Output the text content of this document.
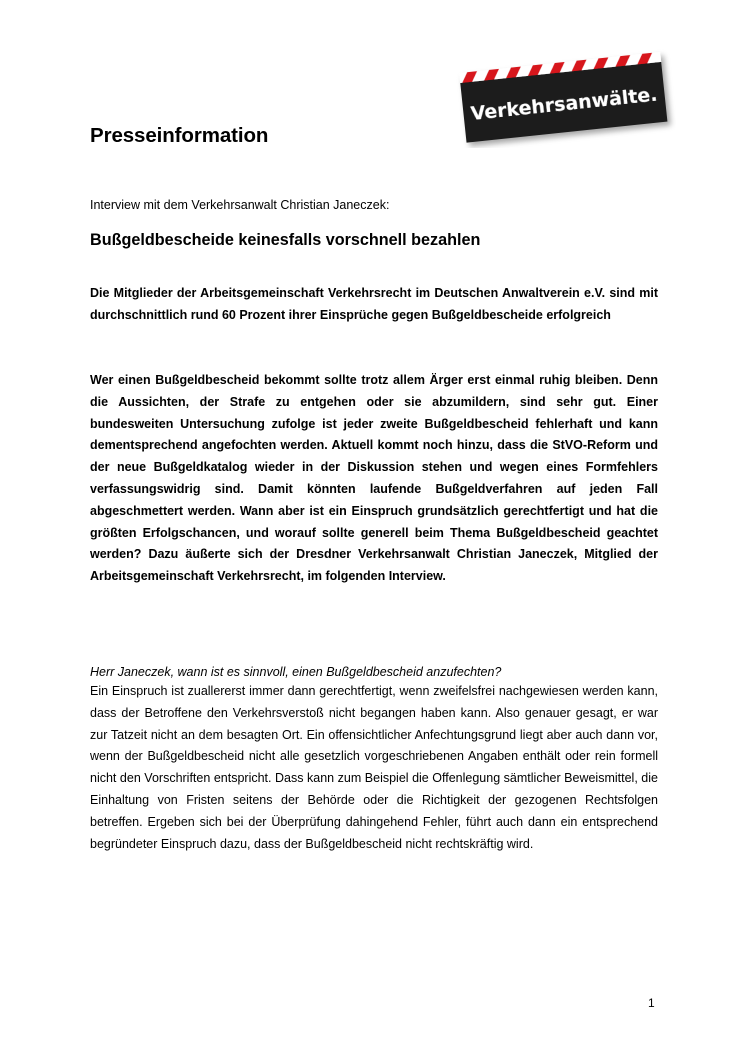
Verkehrsanwälte.
Presseinformation

Interview mit dem Verkehrsanwalt Christian Janeczek:

Bußgeldbescheide keinesfalls vorschnell bezahlen

Die Mitglieder der Arbeitsgemeinschaft Verkehrsrecht im Deutschen Anwaltverein e.V. sind mit durchschnittlich rund 60 Prozent ihrer Einsprüche gegen Bußgeldbescheide erfolgreich

Wer einen Bußgeldbescheid bekommt sollte trotz allem Ärger erst einmal ruhig bleiben. Denn die Aussichten, der Strafe zu entgehen oder sie abzumildern, sind sehr gut. Einer bundesweiten Untersuchung zufolge ist jeder zweite Bußgeldbescheid fehlerhaft und kann dementsprechend angefochten werden. Aktuell kommt noch hinzu, dass die StVO-Reform und der neue Bußgeldkatalog wieder in der Diskussion stehen und wegen eines Formfehlers verfassungswidrig sind. Damit könnten laufende Bußgeldverfahren auf jeden Fall abgeschmettert werden. Wann aber ist ein Einspruch grundsätzlich gerechtfertigt und hat die größten Erfolgschancen, und worauf sollte generell beim Thema Bußgeldbescheid geachtet werden? Dazu äußerte sich der Dresdner Verkehrsanwalt Christian Janeczek, Mitglied der Arbeitsgemeinschaft Verkehrsrecht, im folgenden Interview.

Herr Janeczek, wann ist es sinnvoll, einen Bußgeldbescheid anzufechten?

Ein Einspruch ist zuallererst immer dann gerechtfertigt, wenn zweifelsfrei nachgewiesen werden kann, dass der Betroffene den Verkehrsverstoß nicht begangen haben kann. Also genauer gesagt, er war zur Tatzeit nicht an dem besagten Ort. Ein offensichtlicher Anfechtungsgrund liegt aber auch dann vor, wenn der Bußgeldbescheid nicht alle gesetzlich vorgeschriebenen Angaben enthält oder rein formell nicht den Vorschriften entspricht. Dass kann zum Beispiel die Offenlegung sämtlicher Beweismittel, die Einhaltung von Fristen seitens der Behörde oder die Richtigkeit der gezogenen Rechtsfolgen betreffen. Ergeben sich bei der Überprüfung dahingehend Fehler, führt auch dann ein entsprechend begründeter Einspruch dazu, dass der Bußgeldbescheid nicht rechtskräftig wird.

1
